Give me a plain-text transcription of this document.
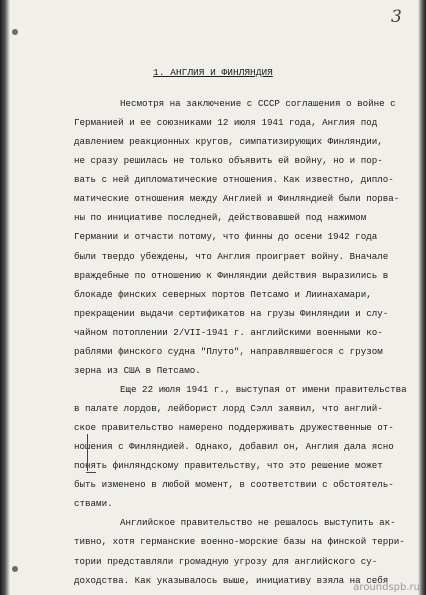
3
1. АНГЛИЯ И ФИНЛЯНДИЯ
Несмотря на заключение с СССР соглашения о войне с
Германией и ее союзниками 12 июля 1941 года, Англия под
давлением реакционных кругов, симпатизирующих Финляндии,
не сразу решилась не только объявить ей войну, но и пор-
вать с ней дипломатические отношения. Как известно, дипло-
матические отношения между Англией и Финляндией были порва-
ны по инициативе последней, действовавшей под нажимом
Германии и отчасти потому, что финны до осени 1942 года
были твердо убеждены, что Англия проиграет войну. Вначале
враждебные по отношению к Финляндии действия выразились в
блокаде финских северных портов Петсамо и Лиинахамари,
прекращении выдачи сертификатов на грузы Финляндии и слу-
чайном потоплении 2/VII-1941 г. английскими военными ко-
раблями финского судна "Плуто", направлявшегося с грузом
зерна из США в Петсамо.
Еще 22 июля 1941 г., выступая от имени правительства
в палате лордов, лейборист лорд Сэлл заявил, что англий-
ское правительство намерено поддерживать дружественные от-
ношения с Финляндией. Однако, добавил он, Англия дала ясно
понять финляндскому правительству, что это решение может
быть изменено в любой момент, в соответствии с обстоятель-
ствами.
Английское правительство не решалось выступить ак-
тивно, хотя германские военно-морские базы на финской терри-
тории представляли громадную угрозу для английского су-
доходства. Как указывалось выше, инициативу взяла на себя
aroundspb.ru
